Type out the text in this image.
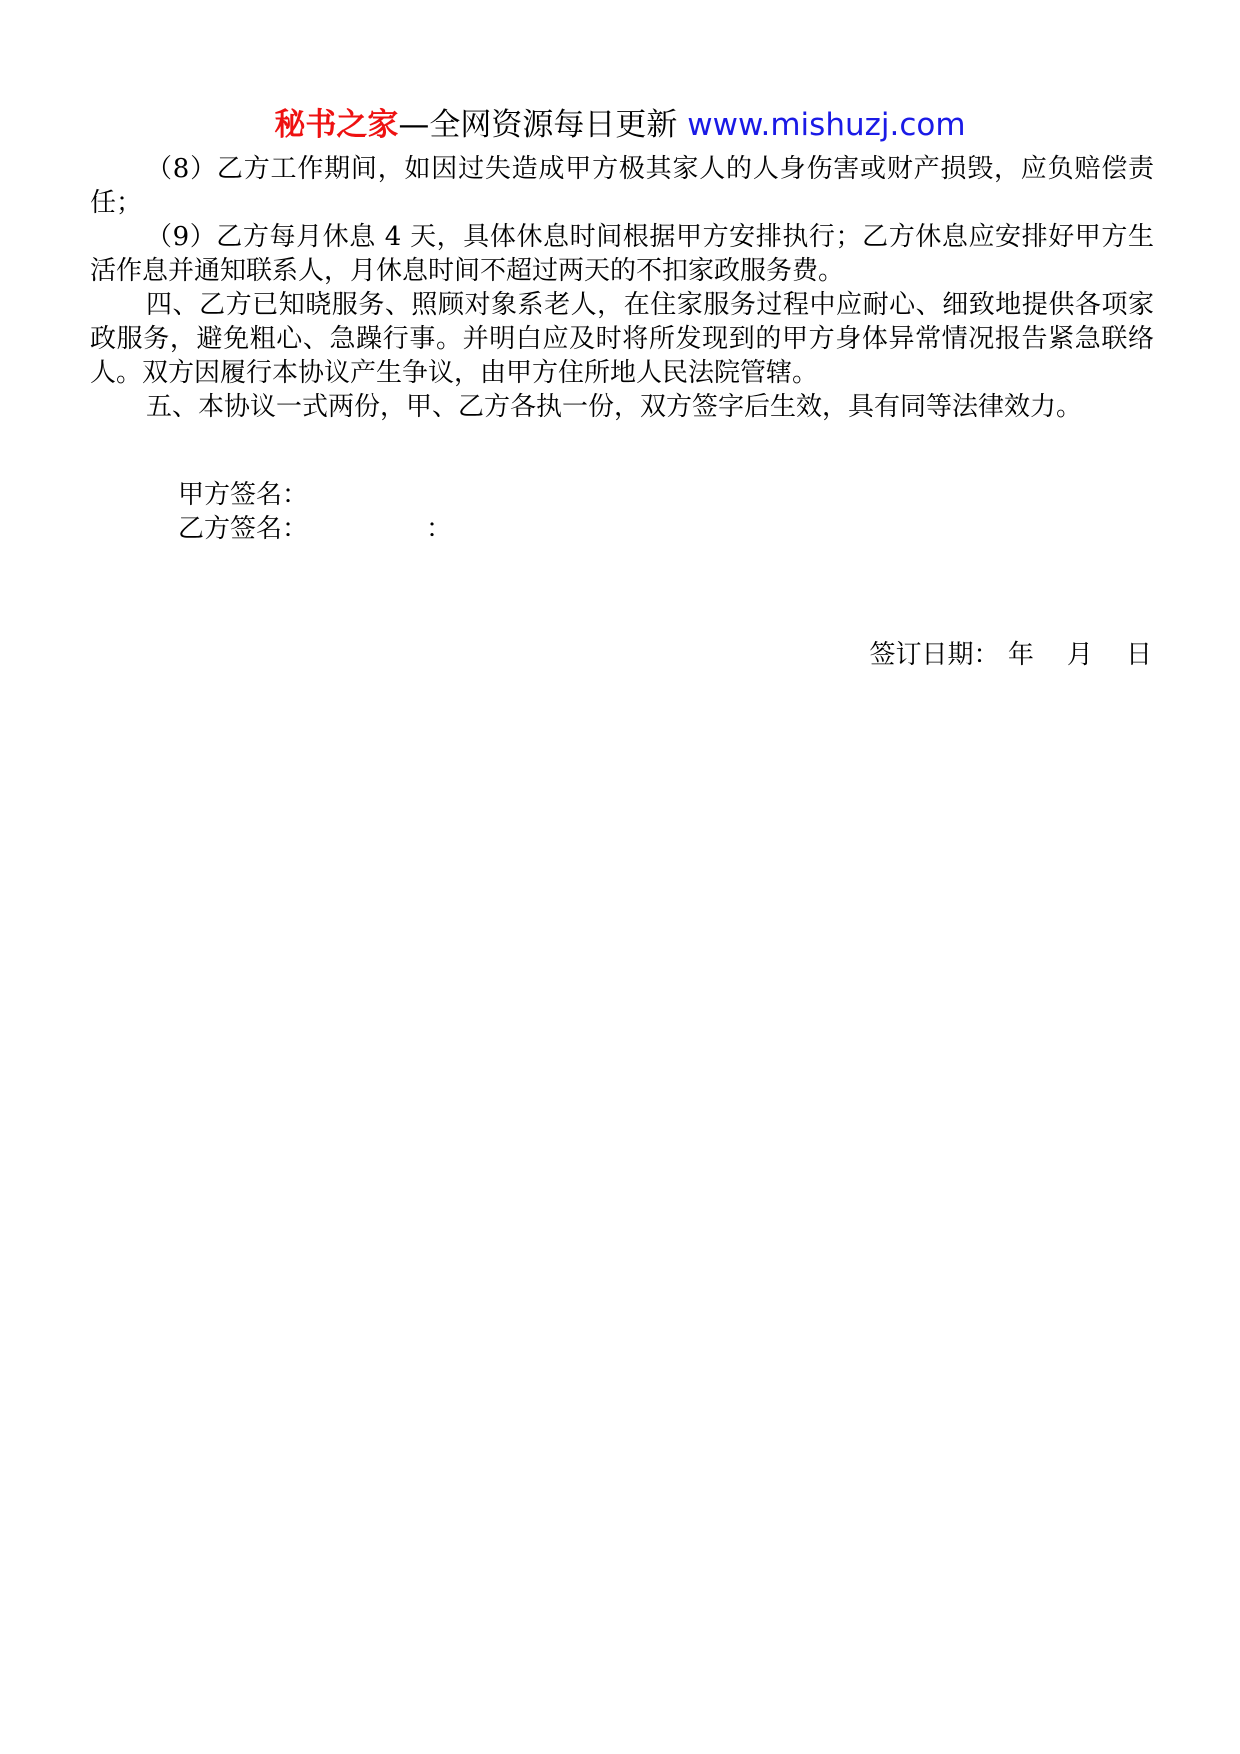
秘书之家—全网资源每日更新 www.mishuzj.com

（8）乙方工作期间，如因过失造成甲方极其家人的人身伤害或财产损毁，应负赔偿责任；

（9）乙方每月休息 4 天，具体休息时间根据甲方安排执行；乙方休息应安排好甲方生活作息并通知联系人，月休息时间不超过两天的不扣家政服务费。

四、乙方已知晓服务、照顾对象系老人，在住家服务过程中应耐心、细致地提供各项家政服务，避免粗心、急躁行事。并明白应及时将所发现到的甲方身体异常情况报告紧急联络人。双方因履行本协议产生争议，由甲方住所地人民法院管辖。

五、本协议一式两份，甲、乙方各执一份，双方签字后生效，具有同等法律效力。

甲方签名：
乙方签名：	：
签订日期： 年 月 日
